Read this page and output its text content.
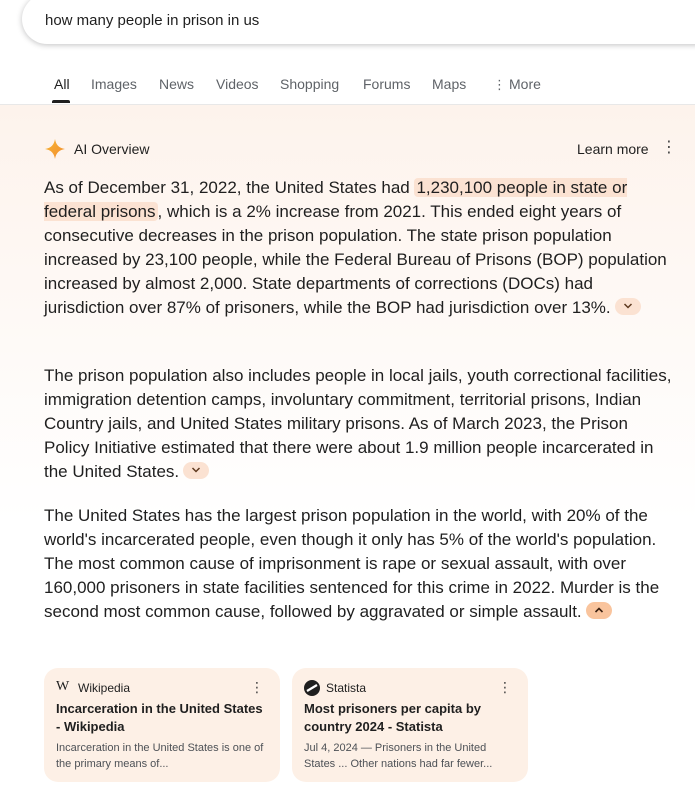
how many people in prison in us
All Images News Videos Shopping Forums Maps ⋮ More
AI Overview	Learn more ⋮
As of December 31, 2022, the United States had 1,230,100 people in state or federal prisons , which is a 2% increase from 2021. This ended eight years of consecutive decreases in the prison population. The state prison population increased by 23,100 people, while the Federal Bureau of Prisons (BOP) population increased by almost 2,000. State departments of corrections (DOCs) had jurisdiction over 87% of prisoners, while the BOP had jurisdiction over 13%.
The prison population also includes people in local jails, youth correctional facilities, immigration detention camps, involuntary commitment, territorial prisons, Indian Country jails, and United States military prisons. As of March 2023, the Prison Policy Initiative estimated that there were about 1.9 million people incarcerated in the United States.
The United States has the largest prison population in the world, with 20% of the world's incarcerated people, even though it only has 5% of the world's population. The most common cause of imprisonment is rape or sexual assault, with over 160,000 prisoners in state facilities sentenced for this crime in 2022. Murder is the second most common cause, followed by aggravated or simple assault.
W Wikipedia	⋮
Incarceration in the United States - Wikipedia
Incarceration in the United States is one of the primary means of...
Statista	⋮
Most prisoners per capita by country 2024 - Statista
Jul 4, 2024 — Prisoners in the United States ... Other nations had far fewer...
